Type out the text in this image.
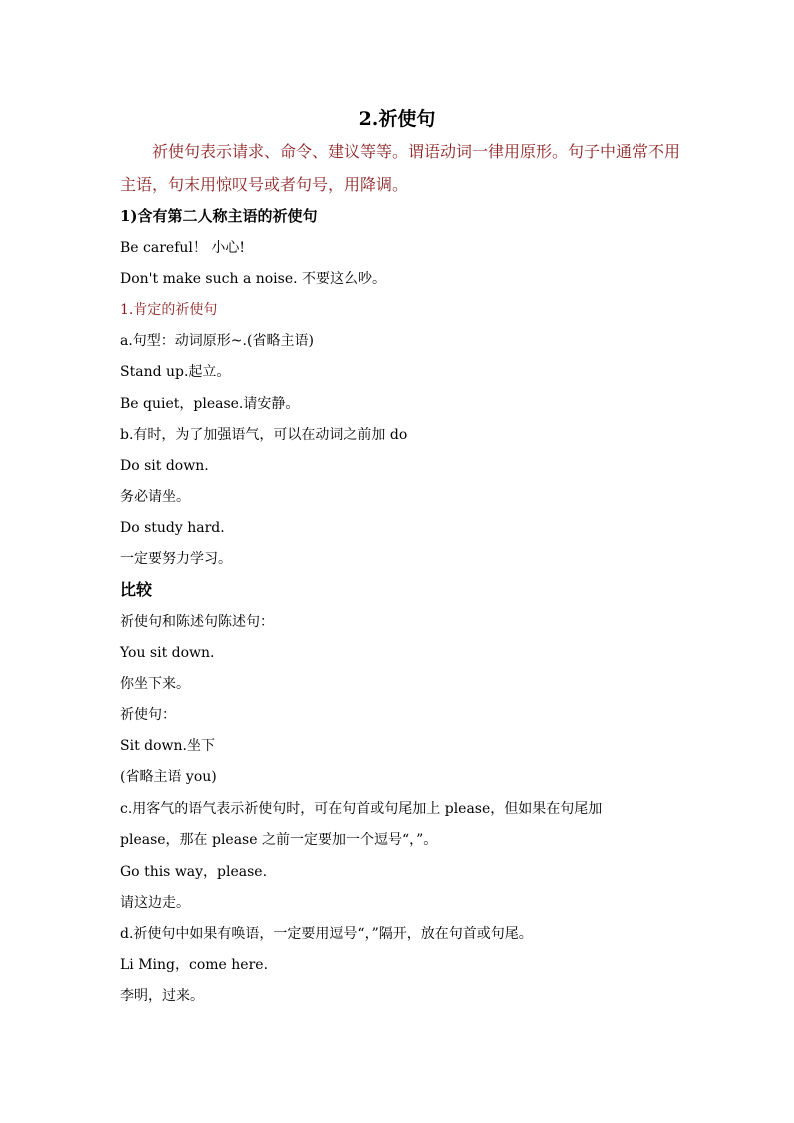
2.祈使句
祈使句表示请求、命令、建议等等。谓语动词一律用原形。句子中通常不用
主语，句末用惊叹号或者句号，用降调。
1)含有第二人称主语的祈使句
Be careful！ 小心!
Don't make such a noise. 不要这么吵。
1.肯定的祈使句
a.句型：动词原形~.(省略主语)
Stand up.起立。
Be quiet，please.请安静。
b.有时，为了加强语气，可以在动词之前加 do
Do sit down.
务必请坐。
Do study hard.
一定要努力学习。
比较
祈使句和陈述句陈述句：
You sit down.
你坐下来。
祈使句：
Sit down.坐下
(省略主语 you)
c.用客气的语气表示祈使句时，可在句首或句尾加上 please，但如果在句尾加
please，那在 please 之前一定要加一个逗号“，”。
Go this way，please.
请这边走。
d.祈使句中如果有唤语，一定要用逗号“，”隔开，放在句首或句尾。
Li Ming，come here.
李明，过来。
